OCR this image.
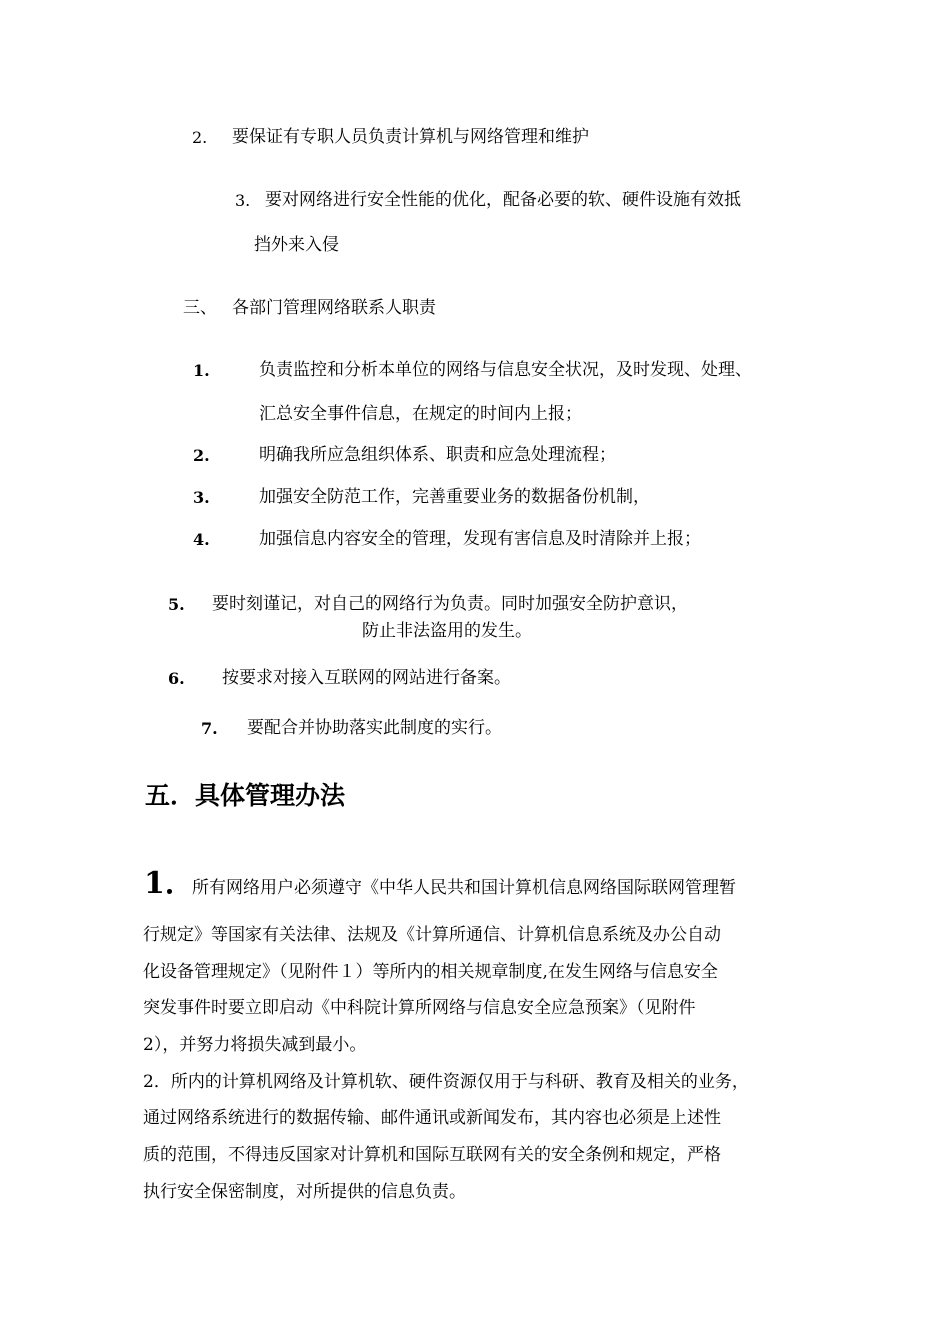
2. 要保证有专职人员负责计算机与网络管理和维护
3. 要对网络进行安全性能的优化，配备必要的软、硬件设施有效抵
挡外来入侵
三、 各部门管理网络联系人职责
1.	负责监控和分析本单位的网络与信息安全状况，及时发现、处理、
汇总安全事件信息，在规定的时间内上报；
2.	明确我所应急组织体系、职责和应急处理流程；
3.	加强安全防范工作，完善重要业务的数据备份机制，
4.	加强信息内容安全的管理，发现有害信息及时清除并上报；
5. 要时刻谨记，对自己的网络行为负责。同时加强安全防护意识，
防止非法盗用的发生。
6. 按要求对接入互联网的网站进行备案。
7. 要配合并协助落实此制度的实行。
五．具体管理办法
1．
所有网络用户必须遵守《中华人民共和国计算机信息网络国际联网管理暂
行规定》等国家有关法律、法规及《计算所通信、计算机信息系统及办公自动
化设备管理规定》（见附件１）等所内的相关规章制度,在发生网络与信息安全
突发事件时要立即启动《中科院计算所网络与信息安全应急预案》（见附件
2），并努力将损失减到最小。
2．所内的计算机网络及计算机软、硬件资源仅用于与科研、教育及相关的业务，
通过网络系统进行的数据传输、邮件通讯或新闻发布，其内容也必须是上述性
质的范围，不得违反国家对计算机和国际互联网有关的安全条例和规定，严格
执行安全保密制度，对所提供的信息负责。
